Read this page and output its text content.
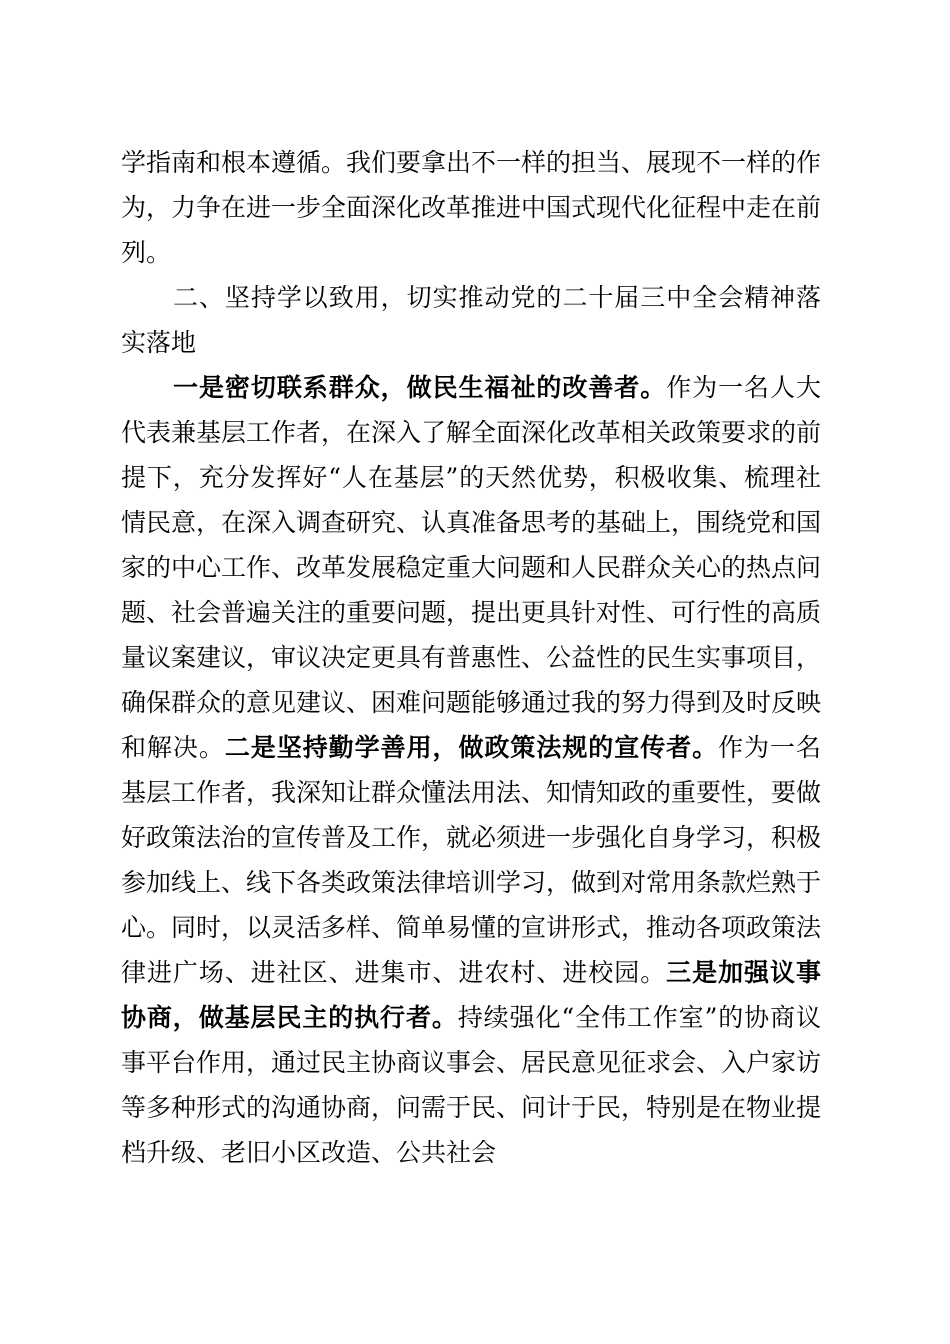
学指南和根本遵循。我们要拿出不一样的担当、展现不一样的作为，力争在进一步全面深化改革推进中国式现代化征程中走在前列。

二、坚持学以致用，切实推动党的二十届三中全会精神落实落地

一是密切联系群众，做民生福祉的改善者。作为一名人大代表兼基层工作者，在深入了解全面深化改革相关政策要求的前提下，充分发挥好“人在基层”的天然优势，积极收集、梳理社情民意，在深入调查研究、认真准备思考的基础上，围绕党和国家的中心工作、改革发展稳定重大问题和人民群众关心的热点问题、社会普遍关注的重要问题，提出更具针对性、可行性的高质量议案建议，审议决定更具有普惠性、公益性的民生实事项目，确保群众的意见建议、困难问题能够通过我的努力得到及时反映和解决。二是坚持勤学善用，做政策法规的宣传者。作为一名基层工作者，我深知让群众懂法用法、知情知政的重要性，要做好政策法治的宣传普及工作，就必须进一步强化自身学习，积极参加线上、线下各类政策法律培训学习，做到对常用条款烂熟于心。同时，以灵活多样、简单易懂的宣讲形式，推动各项政策法律进广场、进社区、进集市、进农村、进校园。三是加强议事协商，做基层民主的执行者。持续强化“全伟工作室”的协商议事平台作用，通过民主协商议事会、居民意见征求会、入户家访等多种形式的沟通协商，问需于民、问计于民，特别是在物业提档升级、老旧小区改造、公共社会
